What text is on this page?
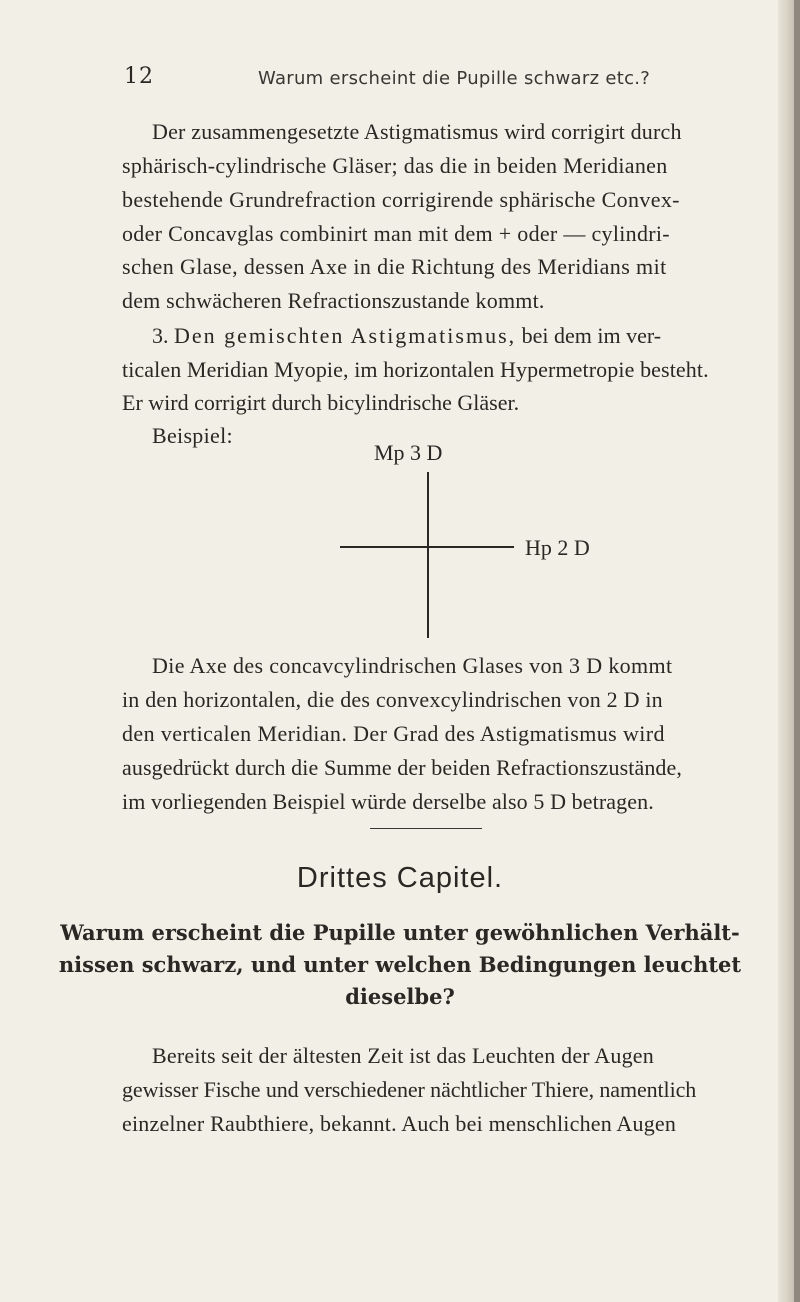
12	Warum erscheint die Pupille schwarz etc.?
Der zusammengesetzte Astigmatismus wird corrigirt durch
sphärisch-cylindrische Gläser; das die in beiden Meridianen
bestehende Grundrefraction corrigirende sphärische Convex-
oder Concavglas combinirt man mit dem + oder — cylindri-
schen Glase, dessen Axe in die Richtung des Meridians mit
dem schwächeren Refractionszustande kommt.
3. Den gemischten Astigmatismus, bei dem im ver-
ticalen Meridian Myopie, im horizontalen Hypermetropie besteht.
Er wird corrigirt durch bicylindrische Gläser.
Beispiel:
Mp 3 D
Hp 2 D
Die Axe des concavcylindrischen Glases von 3 D kommt
in den horizontalen, die des convexcylindrischen von 2 D in
den verticalen Meridian. Der Grad des Astigmatismus wird
ausgedrückt durch die Summe der beiden Refractionszustände,
im vorliegenden Beispiel würde derselbe also 5 D betragen.
Drittes Capitel.
Warum erscheint die Pupille unter gewöhnlichen Verhält-
nissen schwarz, und unter welchen Bedingungen leuchtet
dieselbe?
Bereits seit der ältesten Zeit ist das Leuchten der Augen
gewisser Fische und verschiedener nächtlicher Thiere, namentlich
einzelner Raubthiere, bekannt. Auch bei menschlichen Augen
